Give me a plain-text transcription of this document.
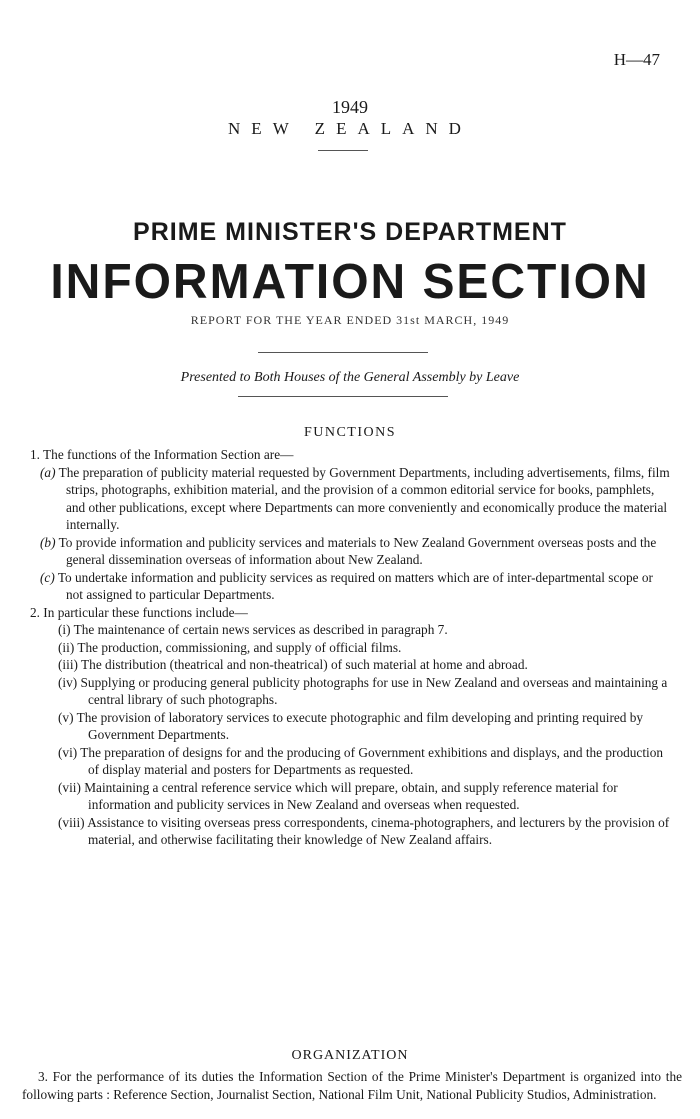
H—47
1949
NEW ZEALAND
PRIME MINISTER'S DEPARTMENT
INFORMATION SECTION
REPORT FOR THE YEAR ENDED 31st MARCH, 1949
Presented to Both Houses of the General Assembly by Leave
FUNCTIONS
1. The functions of the Information Section are—
(a) The preparation of publicity material requested by Government Departments, including advertisements, films, film strips, photographs, exhibition material, and the provision of a common editorial service for books, pamphlets, and other publications, except where Departments can more conveniently and economically produce the material internally.
(b) To provide information and publicity services and materials to New Zealand Government overseas posts and the general dissemination overseas of information about New Zealand.
(c) To undertake information and publicity services as required on matters which are of inter-departmental scope or not assigned to particular Departments.
2. In particular these functions include—
(i) The maintenance of certain news services as described in paragraph 7.
(ii) The production, commissioning, and supply of official films.
(iii) The distribution (theatrical and non-theatrical) of such material at home and abroad.
(iv) Supplying or producing general publicity photographs for use in New Zealand and overseas and maintaining a central library of such photographs.
(v) The provision of laboratory services to execute photographic and film developing and printing required by Government Departments.
(vi) The preparation of designs for and the producing of Government exhibitions and displays, and the production of display material and posters for Departments as requested.
(vii) Maintaining a central reference service which will prepare, obtain, and supply reference material for information and publicity services in New Zealand and overseas when requested.
(viii) Assistance to visiting overseas press correspondents, cinema-photographers, and lecturers by the provision of material, and otherwise facilitating their knowledge of New Zealand affairs.
ORGANIZATION
3. For the performance of its duties the Information Section of the Prime Minister's Department is organized into the following parts : Reference Section, Journalist Section, National Film Unit, National Publicity Studios, Administration.
